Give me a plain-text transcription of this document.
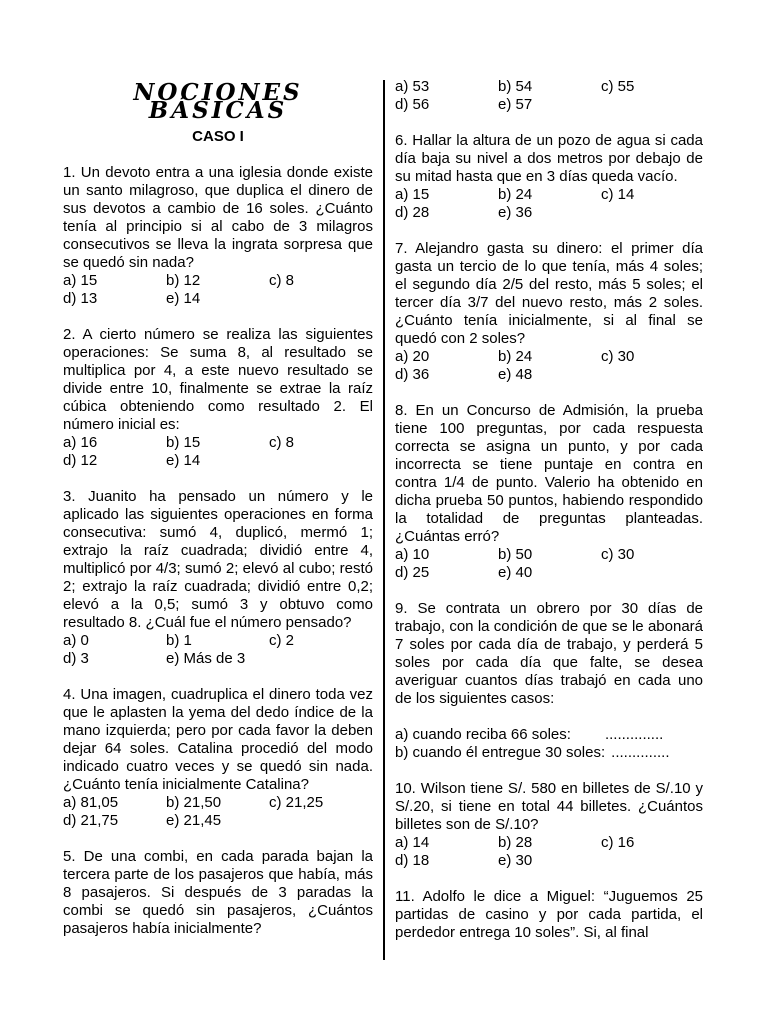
NOCIONES BÁSICAS
CASO I

1. Un devoto entra a una iglesia donde existe un santo milagroso, que duplica el dinero de sus devotos a cambio de 16 soles. ¿Cuánto tenía al principio si al cabo de 3 milagros consecutivos se lleva la ingrata sorpresa que se quedó sin nada?

a) 15	b) 12	c) 8
d) 13	e) 14

2. A cierto número se realiza las siguientes operaciones: Se suma 8, al resultado se multiplica por 4, a este nuevo resultado se divide entre 10, finalmente se extrae la raíz cúbica obteniendo como resultado 2. El número inicial es:

a) 16	b) 15	c) 8
d) 12	e) 14

3. Juanito ha pensado un número y le aplicado las siguientes operaciones en forma consecutiva: sumó 4, duplicó, mermó 1; extrajo la raíz cuadrada; dividió entre 4, multiplicó por 4/3; sumó 2; elevó al cubo; restó 2; extrajo la raíz cuadrada; dividió entre 0,2; elevó a la 0,5; sumó 3 y obtuvo como resultado 8. ¿Cuál fue el número pensado?

a) 0	b) 1	c) 2
d) 3	e) Más de 3

4. Una imagen, cuadruplica el dinero toda vez que le aplasten la yema del dedo índice de la mano izquierda; pero por cada favor la deben dejar 64 soles. Catalina procedió del modo indicado cuatro veces y se quedó sin nada. ¿Cuánto tenía inicialmente Catalina?

a) 81,05	b) 21,50	c) 21,25
d) 21,75	e) 21,45

5. De una combi, en cada parada bajan la tercera parte de los pasajeros que había, más 8 pasajeros. Si después de 3 paradas la combi se quedó sin pasajeros, ¿Cuántos pasajeros había inicialmente?

a) 53	b) 54	c) 55
d) 56	e) 57

6. Hallar la altura de un pozo de agua si cada día baja su nivel a dos metros por debajo de su mitad hasta que en 3 días queda vacío.

a) 15	b) 24	c) 14
d) 28	e) 36

7. Alejandro gasta su dinero: el primer día gasta un tercio de lo que tenía, más 4 soles; el segundo día 2/5 del resto, más 5 soles; el tercer día 3/7 del nuevo resto, más 2 soles. ¿Cuánto tenía inicialmente, si al final se quedó con 2 soles?

a) 20	b) 24	c) 30
d) 36	e) 48

8. En un Concurso de Admisión, la prueba tiene 100 preguntas, por cada respuesta correcta se asigna un punto, y por cada incorrecta se tiene puntaje en contra en contra 1/4 de punto. Valerio ha obtenido en dicha prueba 50 puntos, habiendo respondido la totalidad de preguntas planteadas. ¿Cuántas erró?

a) 10	b) 50	c) 30
d) 25	e) 40

9. Se contrata un obrero por 30 días de trabajo, con la condición de que se le abonará 7 soles por cada día de trabajo, y perderá 5 soles por cada día que falte, se desea averiguar cuantos días trabajó en cada uno de los siguientes casos:

a) cuando reciba 66 soles: ..............
b) cuando él entregue 30 soles: ..............

10. Wilson tiene S/. 580 en billetes de S/.10 y S/.20, si tiene en total 44 billetes. ¿Cuántos billetes son de S/.10?

a) 14	b) 28	c) 16
d) 18	e) 30

11. Adolfo le dice a Miguel: “Juguemos 25 partidas de casino y por cada partida, el perdedor entrega 10 soles”. Si, al final
